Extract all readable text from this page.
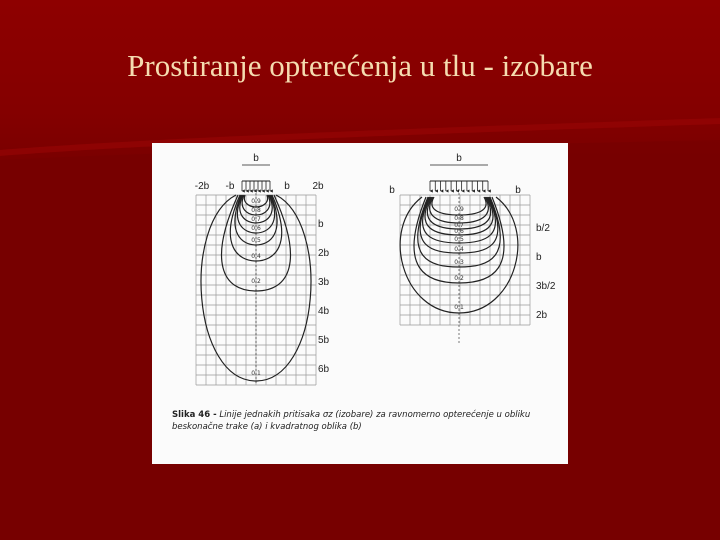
Prostiranje opterećenja u tlu - izobare
b
-2b -b	b 2b
b
2b
3b
4b
5b
6b
0.9
0.8
0.7
0.6
0.5
0.4
0.2
0.1
b
b	b
b/2
b
3b/2
2b
0.9
0.8
0.7
0.6
0.5
0.4
0.3
0.2
0.1
Slika 46 - Linije jednakih pritisaka σz (izobare) za ravnomerno opterećenje u obliku beskonačne trake (a) i kvadratnog oblika (b)
